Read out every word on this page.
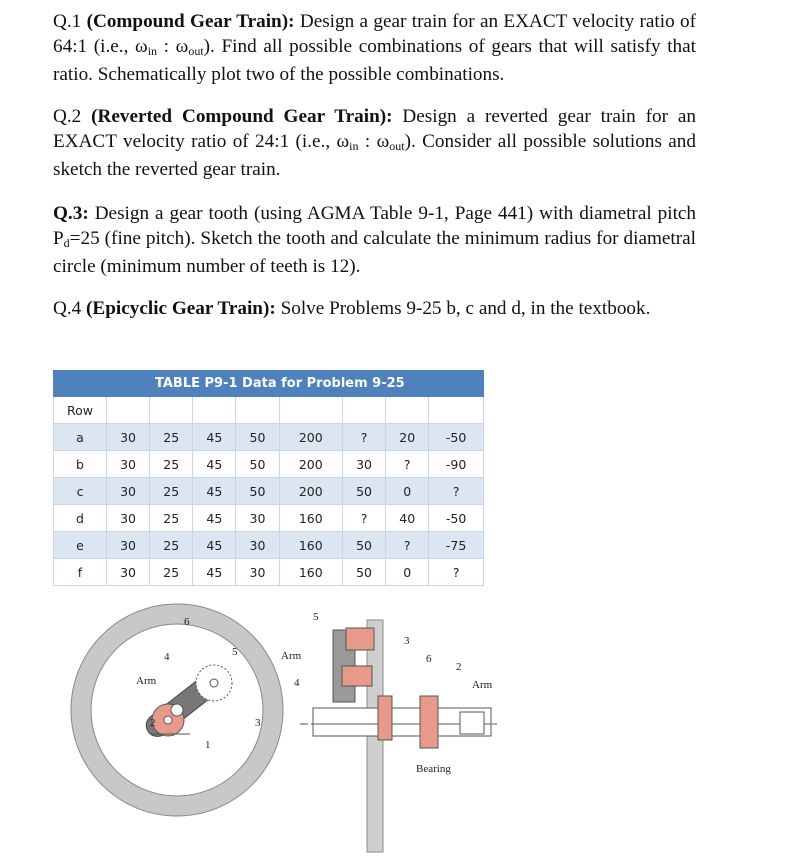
Q.1 (Compound Gear Train): Design a gear train for an EXACT velocity ratio of 64:1 (i.e., $\omega_{in}$ : $\omega_{out}$). Find all possible combinations of gears that will satisfy that ratio. Schematically plot two of the possible combinations.
Q.2 (Reverted Compound Gear Train): Design a reverted gear train for an EXACT velocity ratio of 24:1 (i.e., $\omega_{in}$ : $\omega_{out}$). Consider all possible solutions and sketch the reverted gear train.
Q.3: Design a gear tooth (using AGMA Table 9-1, Page 441) with diametral pitch $P_d=25$ (fine pitch). Sketch the tooth and calculate the minimum radius for diametral circle (minimum number of teeth is 12).
Q.4 (Epicyclic Gear Train): Solve Problems 9-25 b, c and d, in the textbook.
	TABLE P9-1 Data for Problem 9-25							
Row								
a	30	25	45	50	200	?	20	-50
b	30	25	45	50	200	30	?	-90
c	30	25	45	50	200	50	0	?
d	30	25	45	30	160	?	40	-50
e	30	25	45	30	160	50	?	-75
f	30	25	45	30	160	50	0	?
6
4	5
Arm
2	3
1
5
Arm
4
3
6
2
Arm
Bearing
